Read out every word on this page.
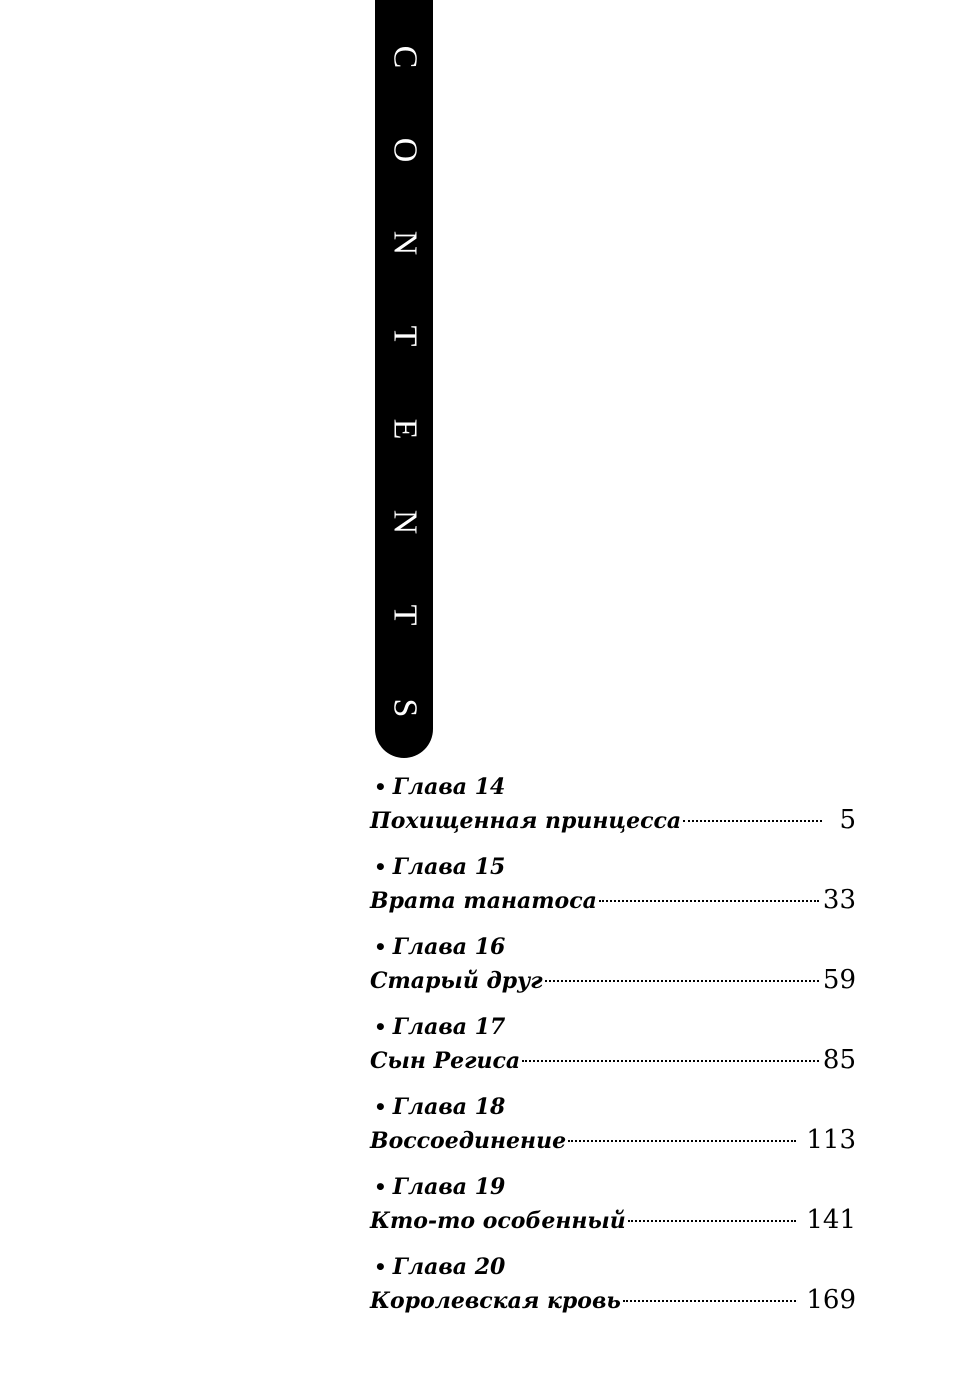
C
O
N
T
E
N
T
S
• Глава 14
Похищенная принцесса	5
• Глава 15
Врата танатоса	33
• Глава 16
Старый друг	59
• Глава 17
Сын Региса	85
• Глава 18
Воссоединение	113
• Глава 19
Кто-то особенный	141
• Глава 20
Королевская кровь	169
